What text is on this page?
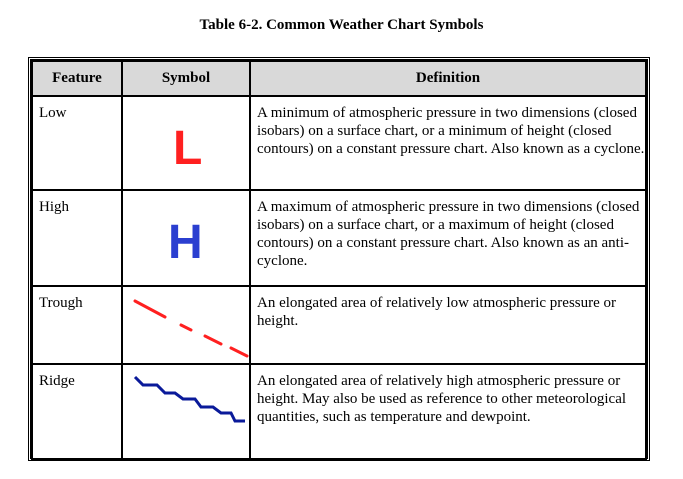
Table 6-2. Common Weather Chart Symbols
Feature	Symbol	Definition
Low	L	A minimum of atmospheric pressure in two dimensions (closed isobars) on a surface chart, or a minimum of height (closed contours) on a constant pressure chart. Also known as a cyclone.
High	H	A maximum of atmospheric pressure in two dimensions (closed isobars) on a surface chart, or a maximum of height (closed contours) on a constant pressure chart. Also known as an anti-cyclone.
Trough		An elongated area of relatively low atmospheric pressure or height.
Ridge		An elongated area of relatively high atmospheric pressure or height. May also be used as reference to other meteorological quantities, such as temperature and dewpoint.
